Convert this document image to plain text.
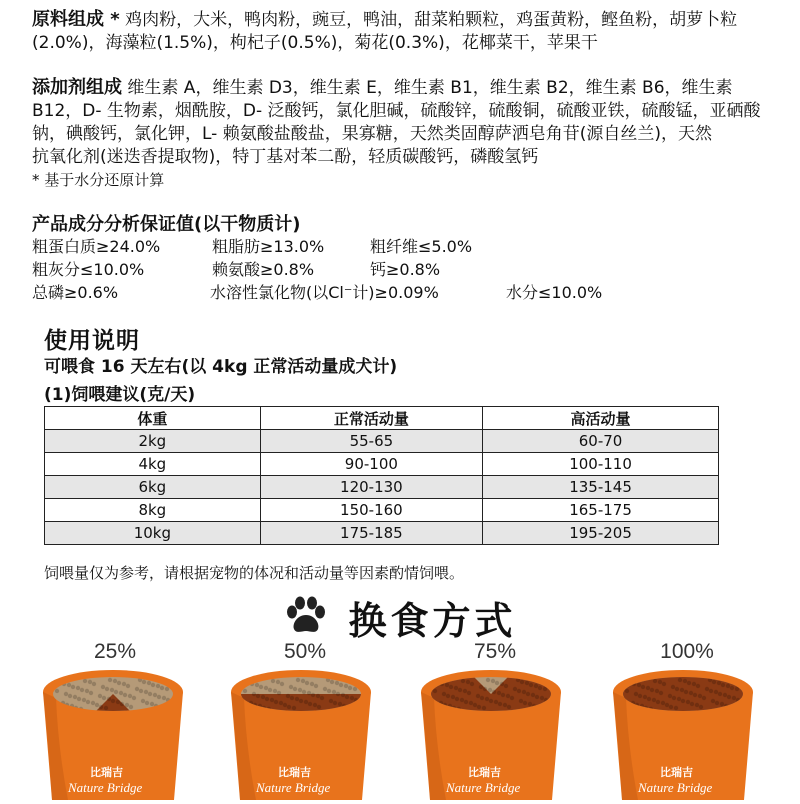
原料组成 * 鸡肉粉，大米，鸭肉粉，豌豆，鸭油，甜菜粕颗粒，鸡蛋黄粉，鲣鱼粉，胡萝卜粒
(2.0%)，海藻粒(1.5%)，枸杞子(0.5%)，菊花(0.3%)，花椰菜干，苹果干
添加剂组成 维生素 A，维生素 D3，维生素 E，维生素 B1，维生素 B2，维生素 B6，维生素
B12，D- 生物素，烟酰胺，D- 泛酸钙，氯化胆碱，硫酸锌，硫酸铜，硫酸亚铁，硫酸锰，亚硒酸
钠，碘酸钙，氯化钾，L- 赖氨酸盐酸盐，果寡糖，天然类固醇萨洒皂角苷(源自丝兰)，天然
抗氧化剂(迷迭香提取物)，特丁基对苯二酚，轻质碳酸钙，磷酸氢钙
* 基于水分还原计算
产品成分分析保证值(以干物质计)
粗蛋白质≥24.0%	粗脂肪≥13.0%	粗纤维≤5.0%
粗灰分≤10.0%	赖氨酸≥0.8%	钙≥0.8%
总磷≥0.6%	水溶性氯化物(以Cl⁻计)≥0.09%	水分≤10.0%
使用说明
可喂食 16 天左右(以 4kg 正常活动量成犬计)
(1)饲喂建议(克/天)
体重	正常活动量	高活动量
2kg	55-65	60-70
4kg	90-100	100-110
6kg	120-130	135-145
8kg	150-160	165-175
10kg	175-185	195-205
饲喂量仅为参考，请根据宠物的体况和活动量等因素酌情饲喂。
换食方式
25%	50%	75%	100%
比瑞吉
Nature Bridge
比瑞吉
Nature Bridge
比瑞吉
Nature Bridge
比瑞吉
Nature Bridge
